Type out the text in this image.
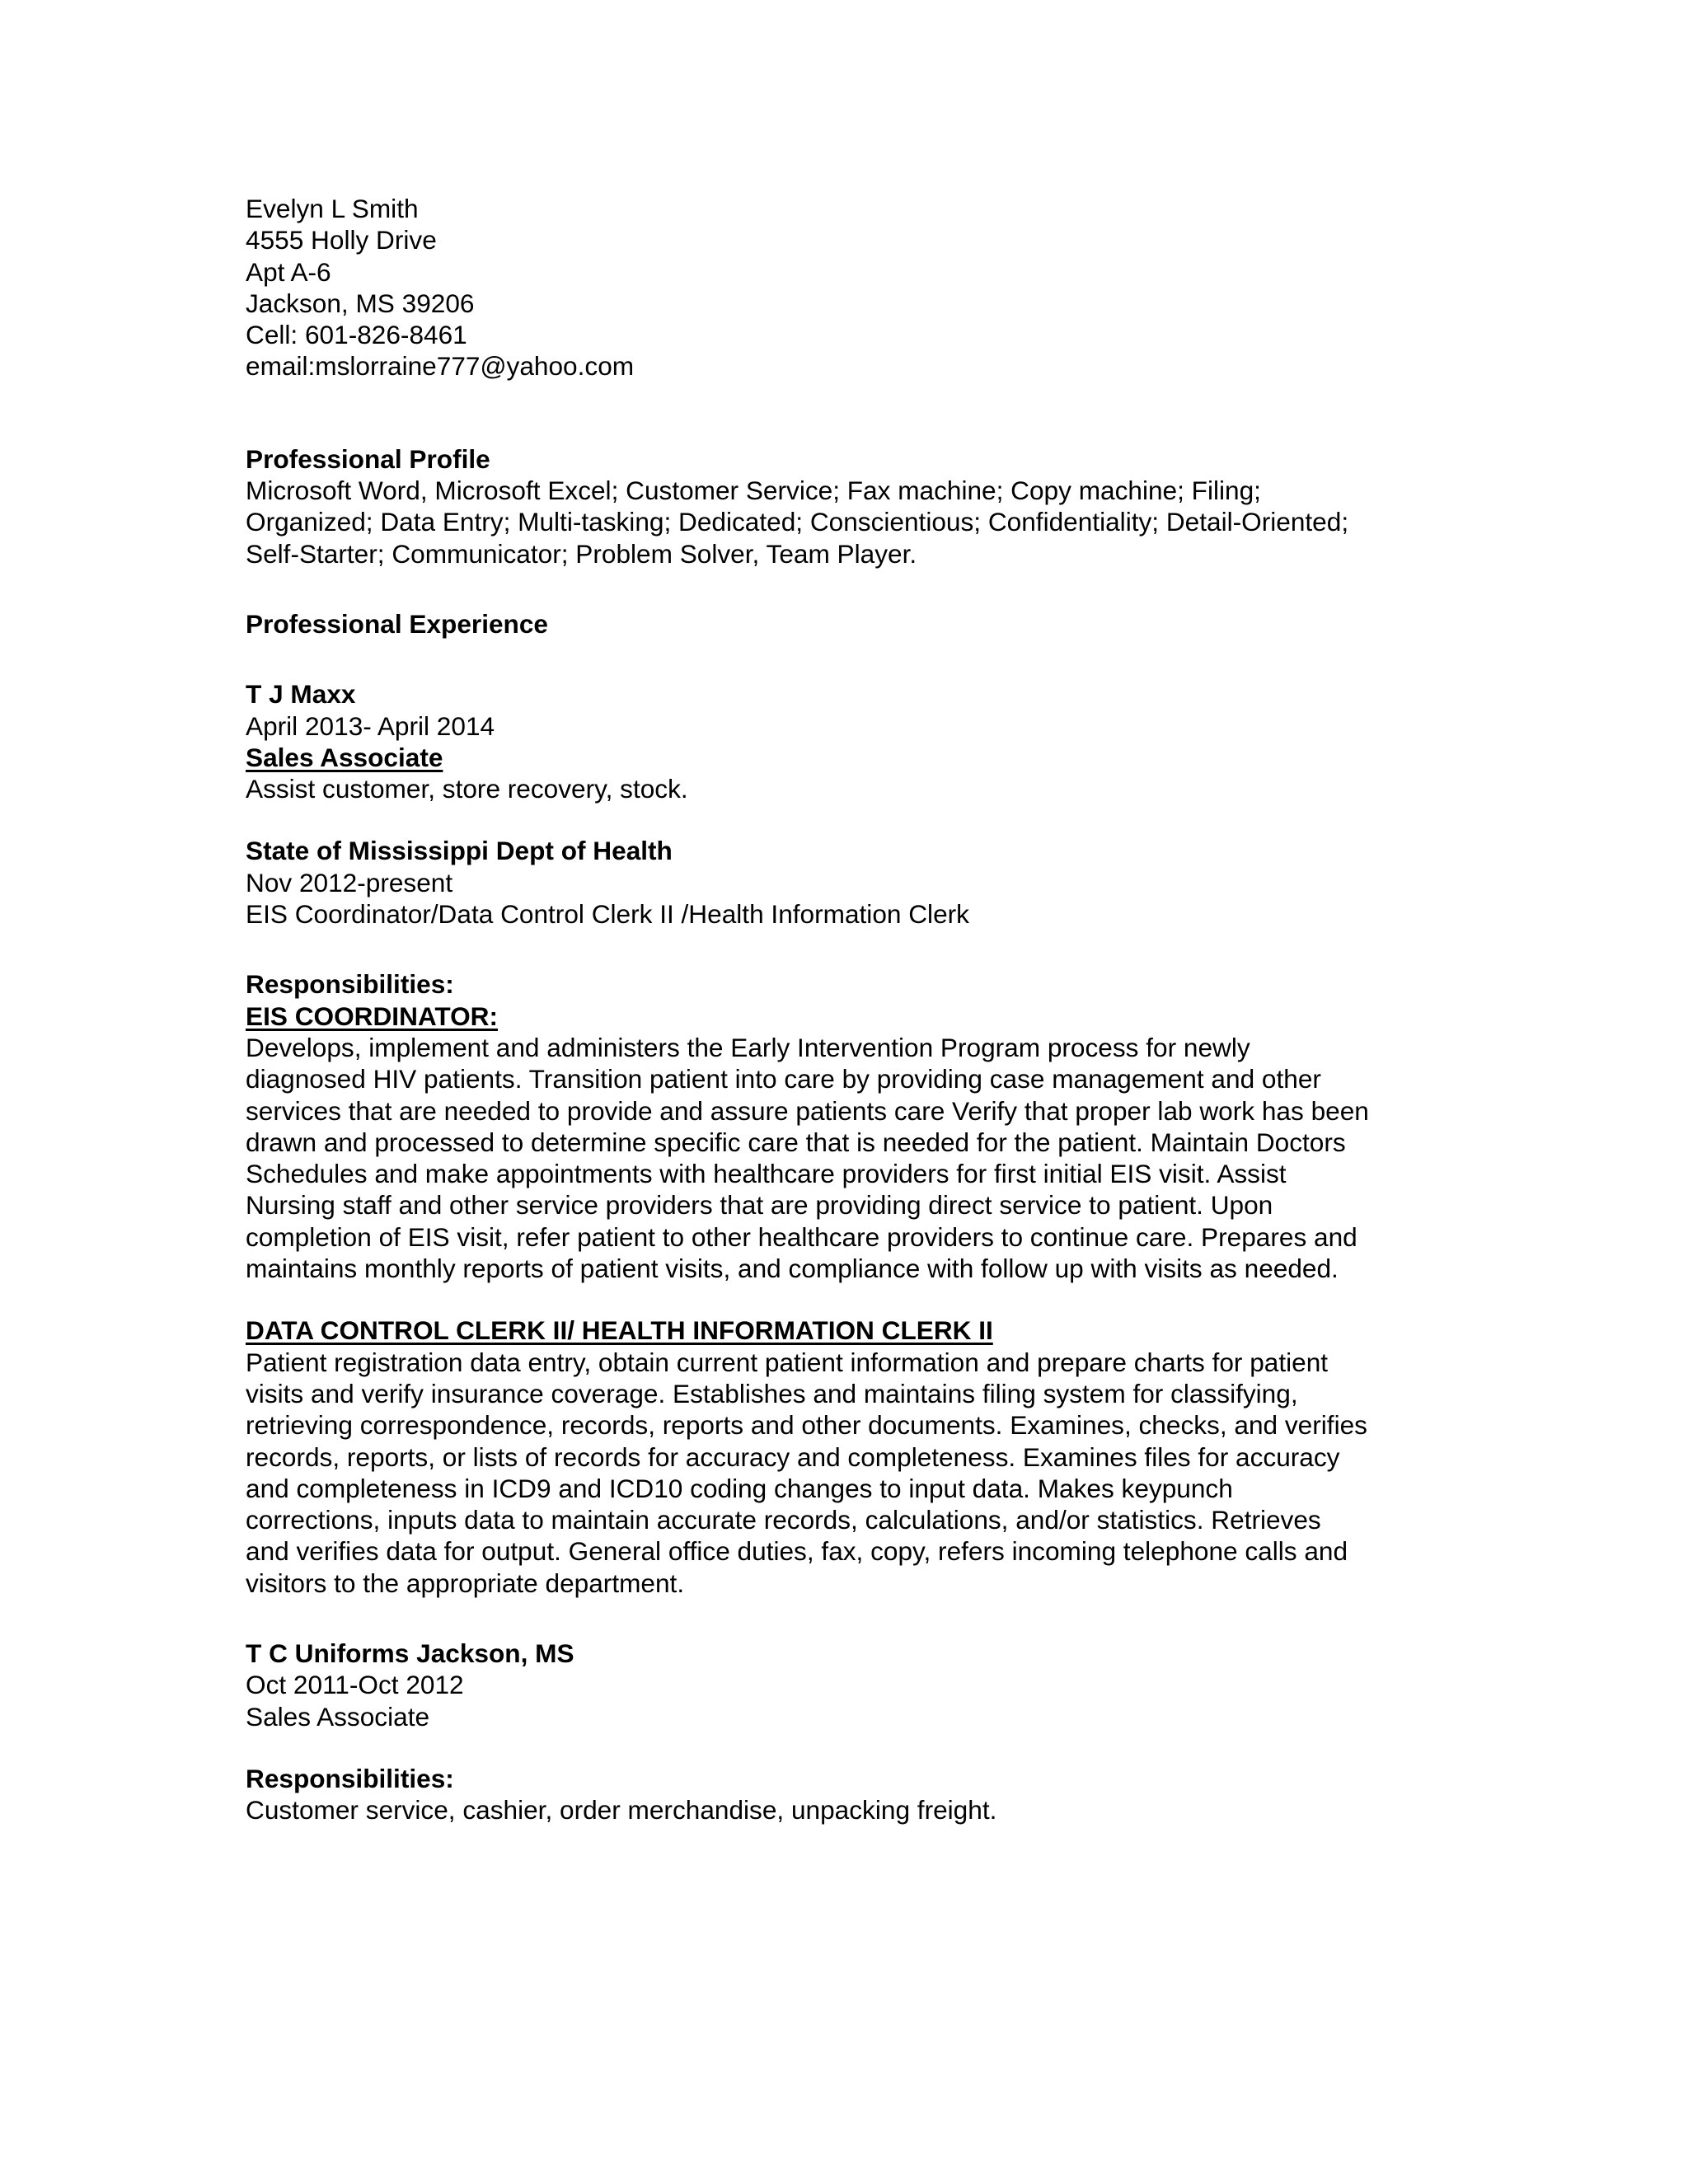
Evelyn L Smith
4555 Holly Drive
Apt A-6
Jackson, MS 39206
Cell: 601-826-8461
email:mslorraine777@yahoo.com
Professional Profile
Microsoft Word, Microsoft Excel; Customer Service; Fax machine; Copy machine; Filing;
Organized; Data Entry; Multi-tasking; Dedicated; Conscientious; Confidentiality; Detail-Oriented;
Self-Starter; Communicator; Problem Solver, Team Player.
Professional Experience
T J Maxx
April 2013- April 2014
Sales Associate
Assist customer, store recovery, stock.
State of Mississippi Dept of Health
Nov 2012-present
EIS Coordinator/Data Control Clerk II /Health Information Clerk
Responsibilities:
EIS COORDINATOR:
Develops, implement and administers the Early Intervention Program process for newly
diagnosed HIV patients. Transition patient into care by providing case management and other
services that are needed to provide and assure patients care Verify that proper lab work has been
drawn and processed to determine specific care that is needed for the patient. Maintain Doctors
Schedules and make appointments with healthcare providers for first initial EIS visit. Assist
Nursing staff and other service providers that are providing direct service to patient. Upon
completion of EIS visit, refer patient to other healthcare providers to continue care. Prepares and
maintains monthly reports of patient visits, and compliance with follow up with visits as needed.
DATA CONTROL CLERK II/ HEALTH INFORMATION CLERK II
Patient registration data entry, obtain current patient information and prepare charts for patient
visits and verify insurance coverage. Establishes and maintains filing system for classifying,
retrieving correspondence, records, reports and other documents. Examines, checks, and verifies
records, reports, or lists of records for accuracy and completeness. Examines files for accuracy
and completeness in ICD9 and ICD10 coding changes to input data. Makes keypunch
corrections, inputs data to maintain accurate records, calculations, and/or statistics. Retrieves
and verifies data for output. General office duties, fax, copy, refers incoming telephone calls and
visitors to the appropriate department.
T C Uniforms Jackson, MS
Oct 2011-Oct 2012
Sales Associate
Responsibilities:
Customer service, cashier, order merchandise, unpacking freight.
